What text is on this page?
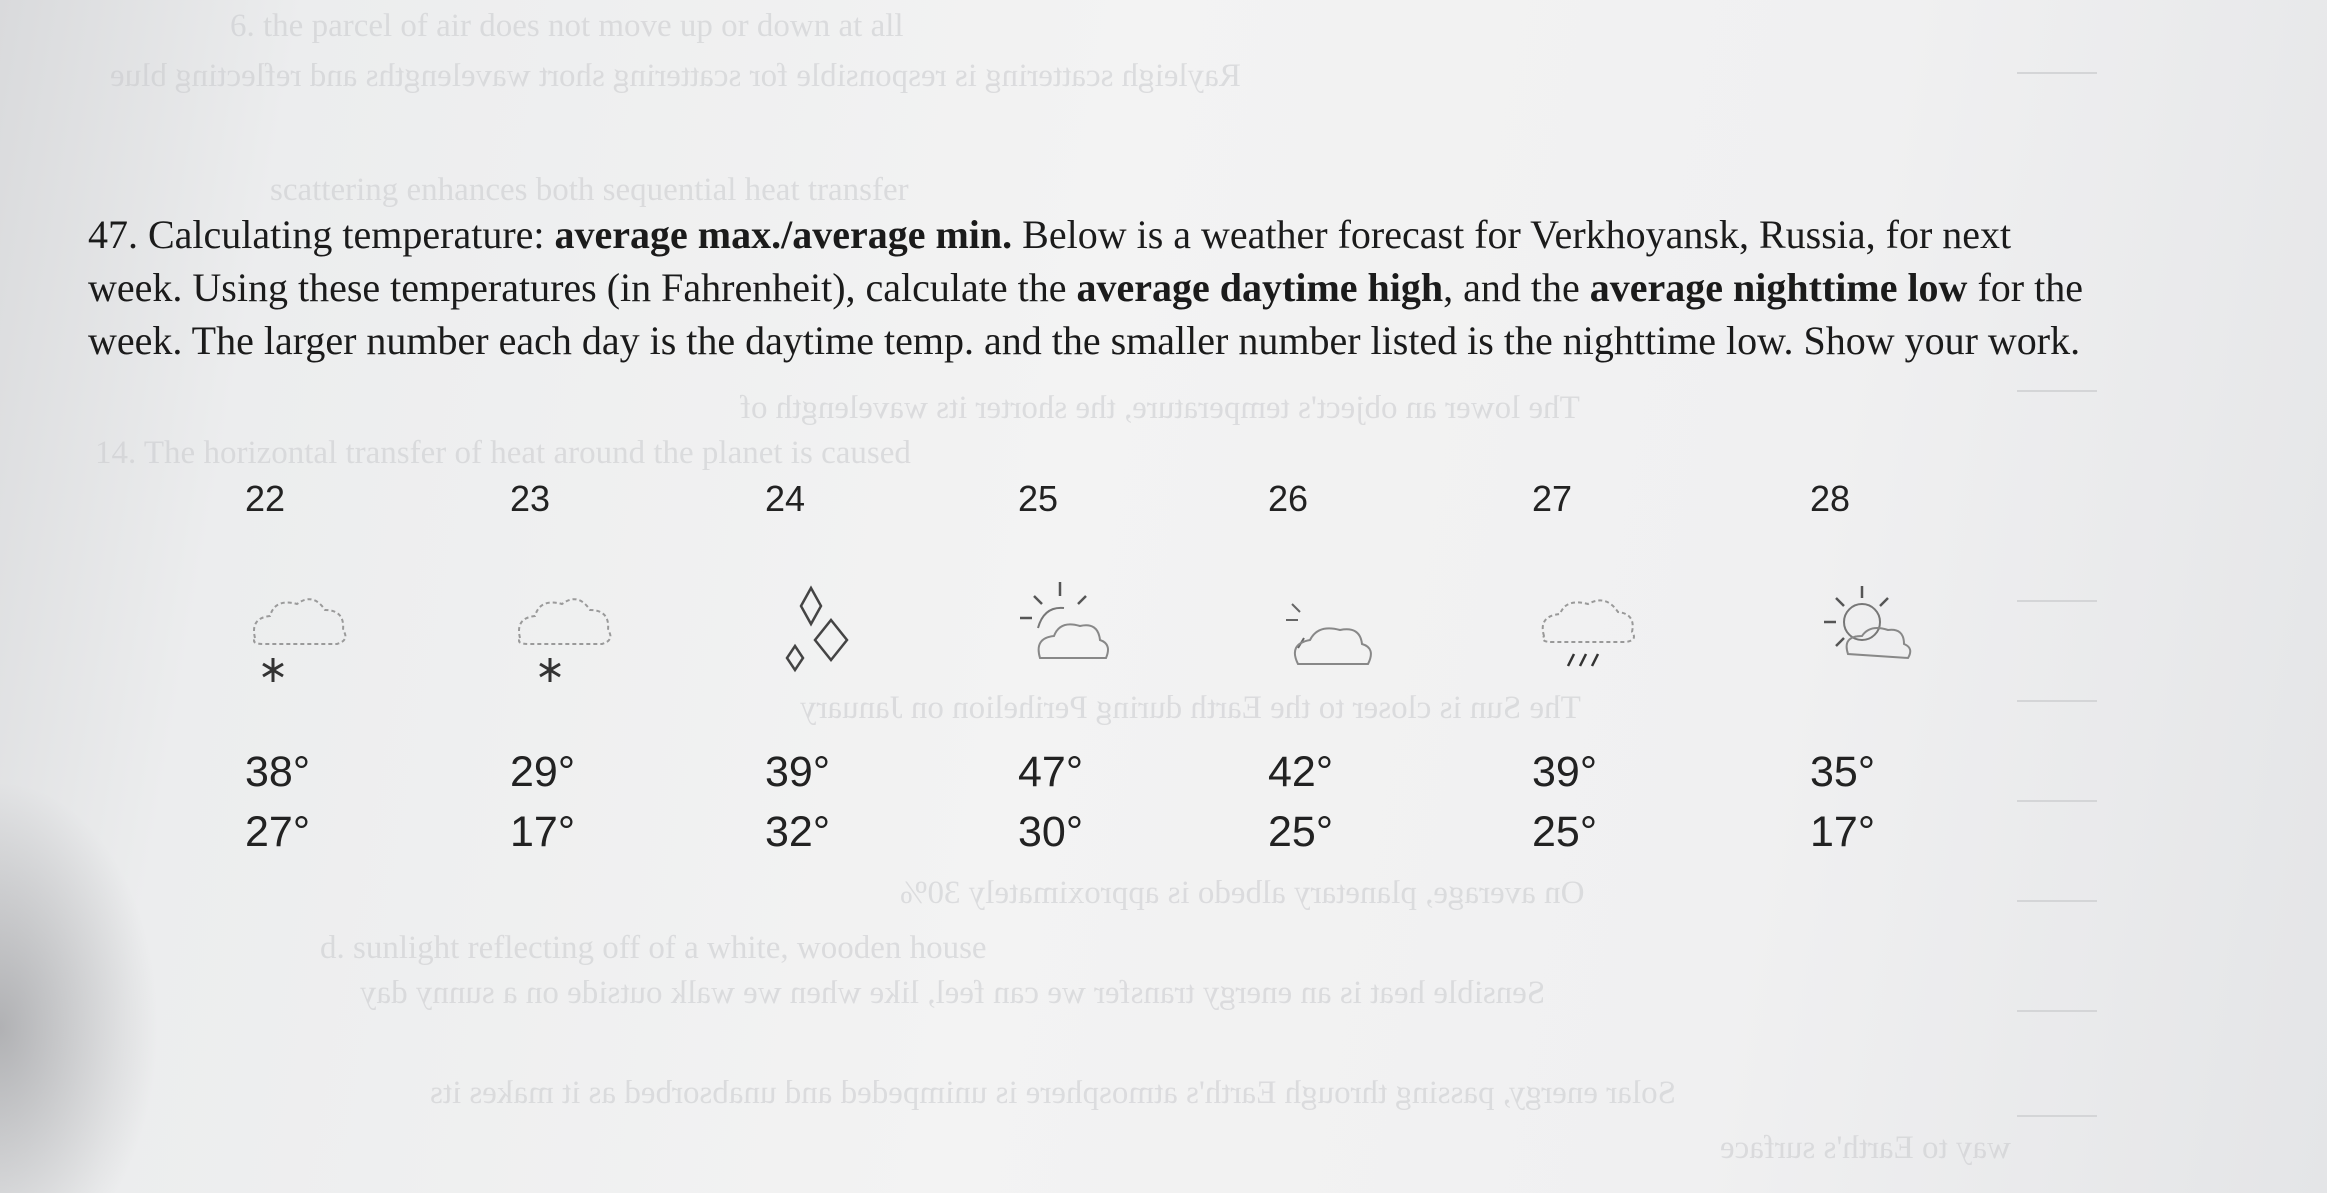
6. the parcel of air does not move up or down at all
Rayleigh scattering is responsible for scattering short wavelengths and reflecting blue
scattering enhances both sequential heat transfer
The lower an object's temperature, the shorter its wavelength of
14. The horizontal transfer of heat around the planet is caused
The Sun is closer to the Earth during Perihelion on January
On average, planetary albedo is approximately 30%
d. sunlight reflecting off of a white, wooden house
Sensible heat is an energy transfer we can feel, like when we walk outside on a sunny day
Solar energy, passing through Earth's atmosphere is unimpeded and unabsorbed as it makes its
way to Earth's surface

47. Calculating temperature: average max./average min. Below is a weather forecast for Verkhoyansk, Russia, for next week. Using these temperatures (in Fahrenheit), calculate the average daytime high, and the average nighttime low for the week. The larger number each day is the daytime temp. and the smaller number listed is the nighttime low. Show your work.

22
38°
27°
23
29°
17°
24
39°
32°
25
47°
30°
26
42°
25°
27
39°
25°
28
35°
17°
